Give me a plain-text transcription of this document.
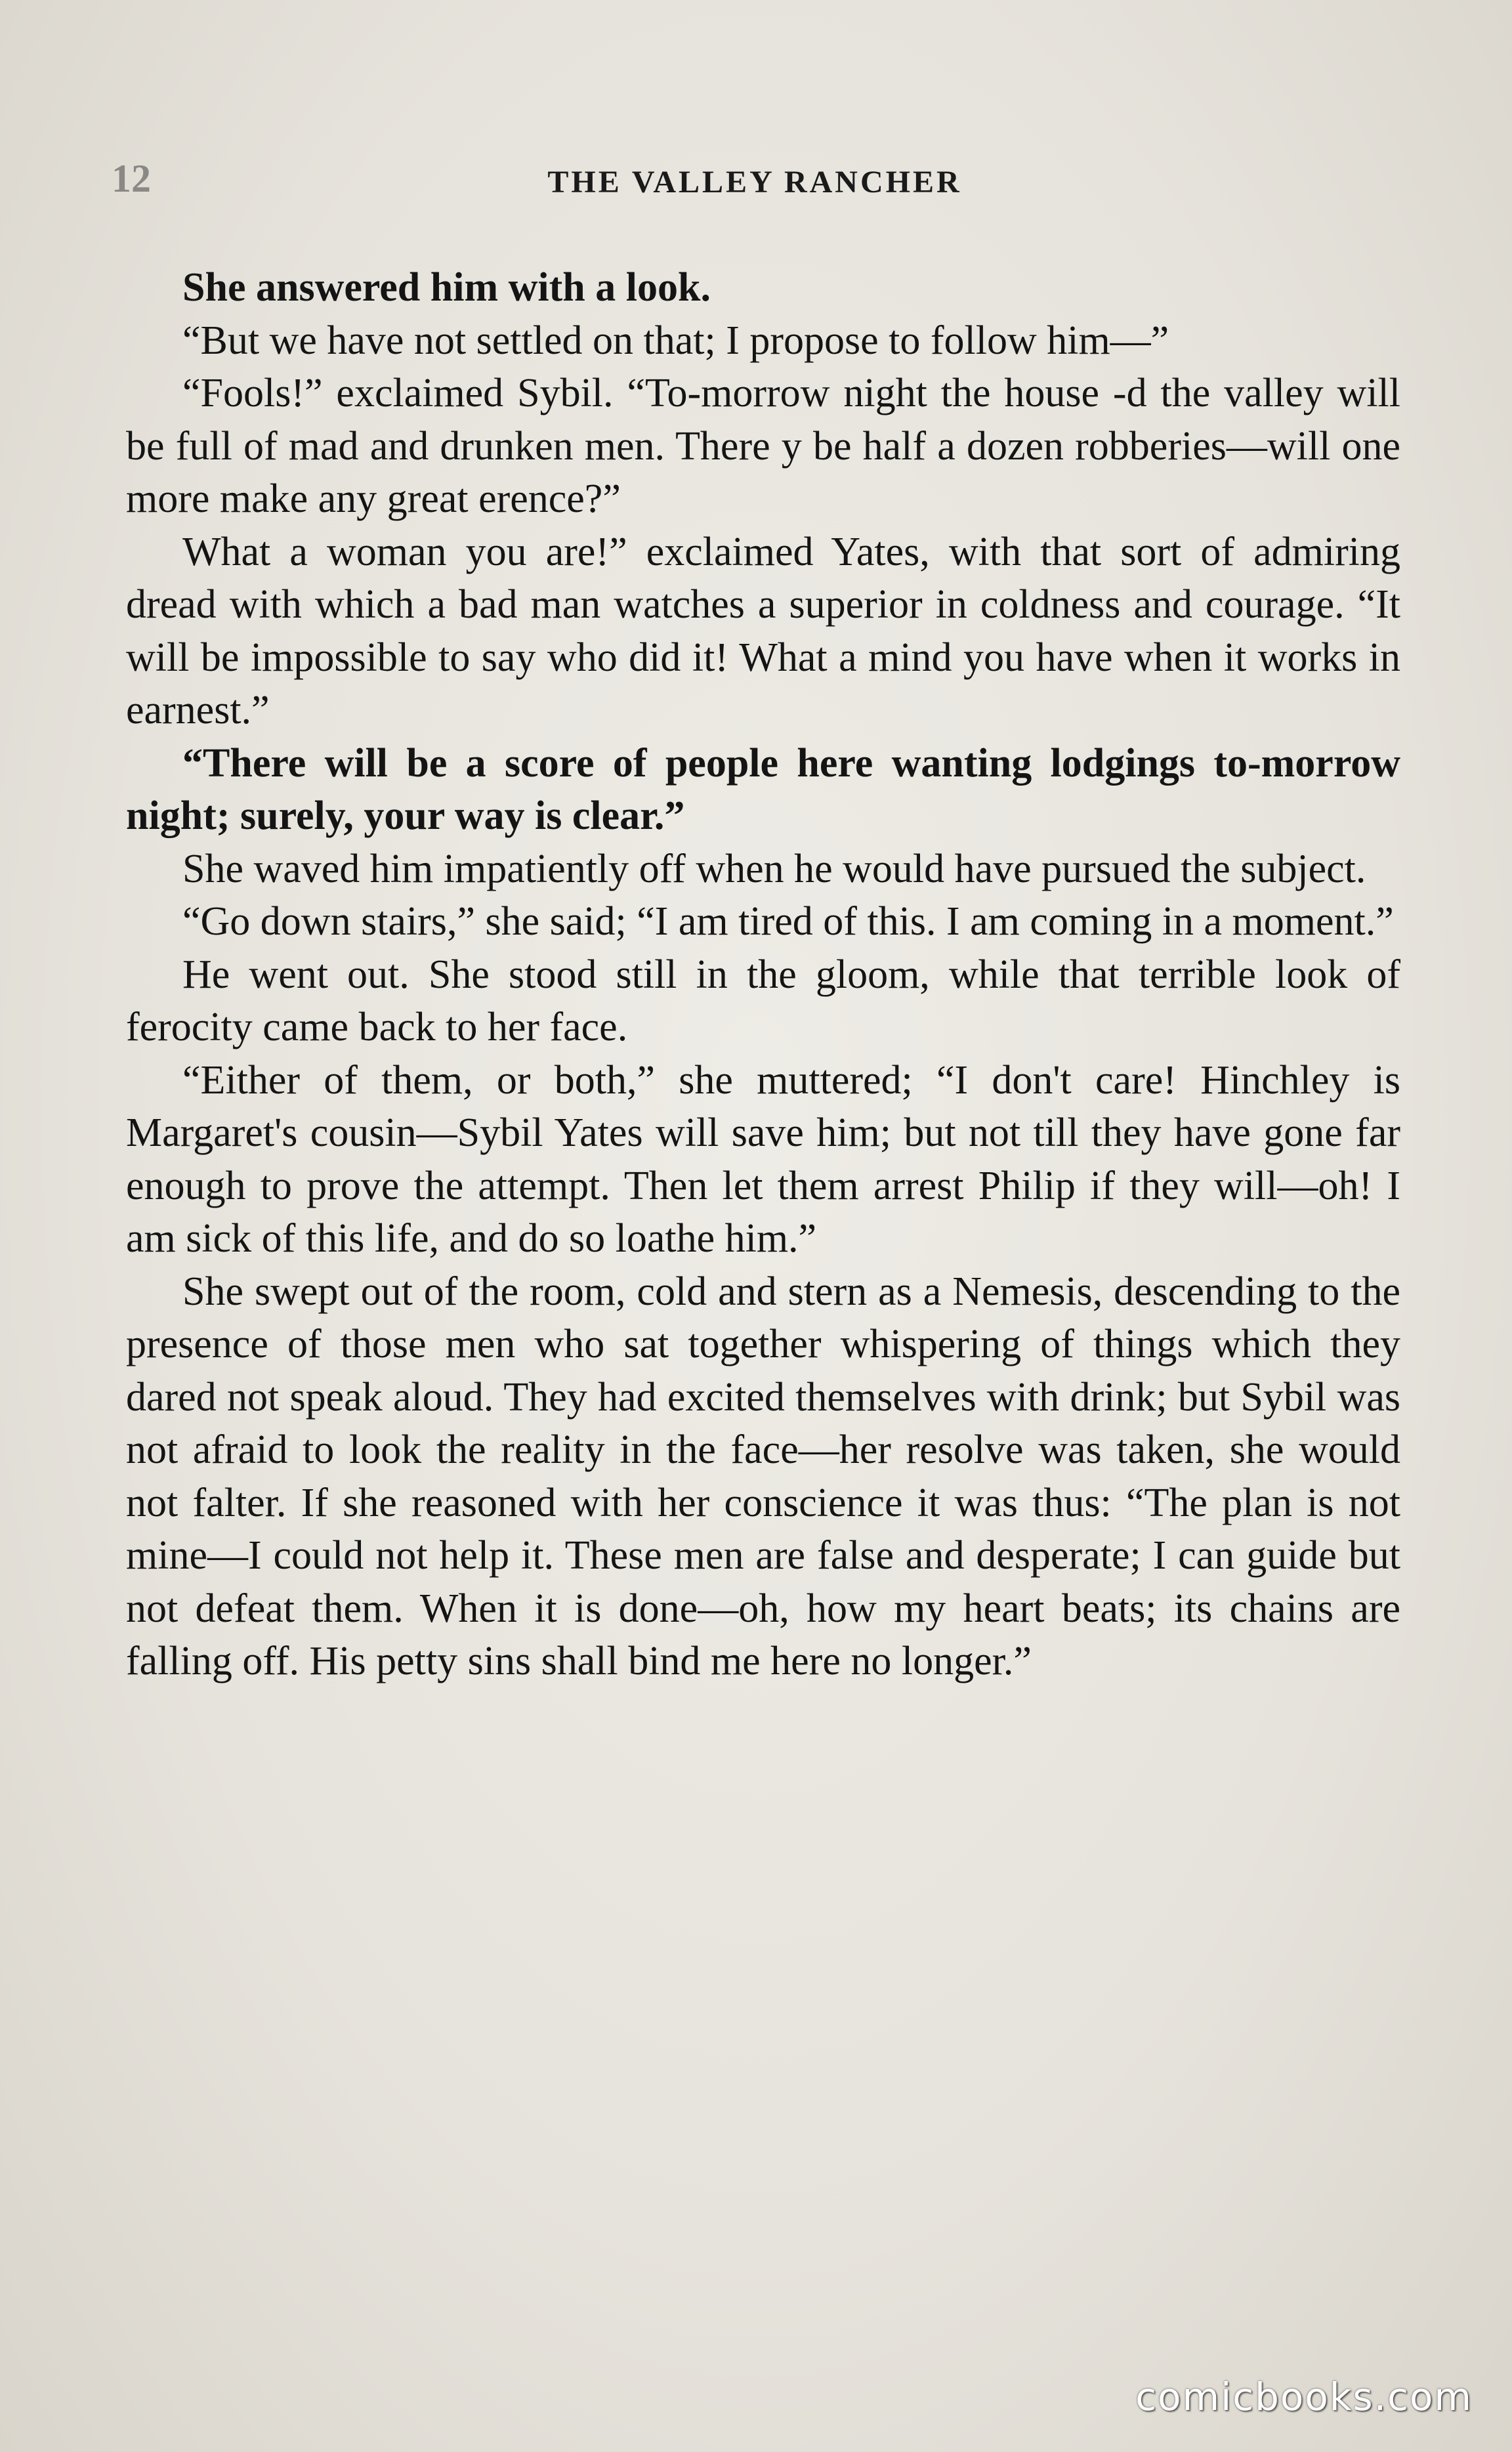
12	THE VALLEY RANCHER

She answered him with a look.

“But we have not settled on that; I propose to follow him—”

“Fools!” exclaimed Sybil. “To-morrow night the house ‑d the valley will be full of mad and drunken men. There y be half a dozen robberies—will one more make any great erence?”

What a woman you are!” exclaimed Yates, with that sort of admiring dread with which a bad man watches a superior in coldness and courage. “It will be impossible to say who did it! What a mind you have when it works in earnest.”

“There will be a score of people here wanting lodgings to-morrow night; surely, your way is clear.”

She waved him impatiently off when he would have pursued the subject.

“Go down stairs,” she said; “I am tired of this. I am coming in a moment.”

He went out. She stood still in the gloom, while that terrible look of ferocity came back to her face.

“Either of them, or both,” she muttered; “I don't care! Hinchley is Margaret's cousin—Sybil Yates will save him; but not till they have gone far enough to prove the attempt. Then let them arrest Philip if they will—oh! I am sick of this life, and do so loathe him.”

She swept out of the room, cold and stern as a Nemesis, descending to the presence of those men who sat together whispering of things which they dared not speak aloud. They had excited themselves with drink; but Sybil was not afraid to look the reality in the face—her resolve was taken, she would not falter. If she reasoned with her conscience it was thus: “The plan is not mine—I could not help it. These men are false and desperate; I can guide but not defeat them. When it is done—oh, how my heart beats; its chains are falling off. His petty sins shall bind me here no longer.”

comicbooks.com
